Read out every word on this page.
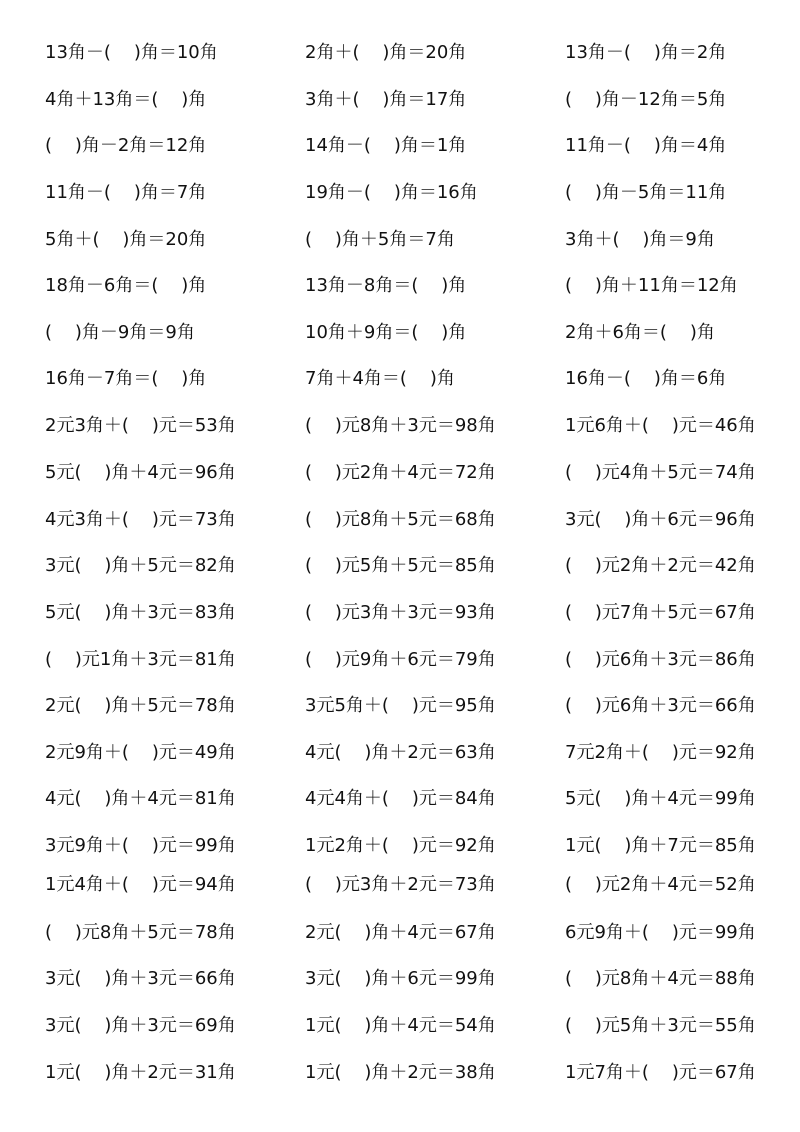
13角－(    )角＝10角	2角＋(    )角＝20角	13角－(    )角＝2角
4角＋13角＝(    )角	3角＋(    )角＝17角	(    )角－12角＝5角
(    )角－2角＝12角	14角－(    )角＝1角	11角－(    )角＝4角
11角－(    )角＝7角	19角－(    )角＝16角	(    )角－5角＝11角
5角＋(    )角＝20角	(    )角＋5角＝7角	3角＋(    )角＝9角
18角－6角＝(    )角	13角－8角＝(    )角	(    )角＋11角＝12角
(    )角－9角＝9角	10角＋9角＝(    )角	2角＋6角＝(    )角
16角－7角＝(    )角	7角＋4角＝(    )角	16角－(    )角＝6角
2元3角＋(    )元＝53角	(    )元8角＋3元＝98角	1元6角＋(    )元＝46角
5元(    )角＋4元＝96角	(    )元2角＋4元＝72角	(    )元4角＋5元＝74角
4元3角＋(    )元＝73角	(    )元8角＋5元＝68角	3元(    )角＋6元＝96角
3元(    )角＋5元＝82角	(    )元5角＋5元＝85角	(    )元2角＋2元＝42角
5元(    )角＋3元＝83角	(    )元3角＋3元＝93角	(    )元7角＋5元＝67角
(    )元1角＋3元＝81角	(    )元9角＋6元＝79角	(    )元6角＋3元＝86角
2元(    )角＋5元＝78角	3元5角＋(    )元＝95角	(    )元6角＋3元＝66角
2元9角＋(    )元＝49角	4元(    )角＋2元＝63角	7元2角＋(    )元＝92角
4元(    )角＋4元＝81角	4元4角＋(    )元＝84角	5元(    )角＋4元＝99角
3元9角＋(    )元＝99角	1元2角＋(    )元＝92角	1元(    )角＋7元＝85角
1元4角＋(    )元＝94角	(    )元3角＋2元＝73角	(    )元2角＋4元＝52角
(    )元8角＋5元＝78角	2元(    )角＋4元＝67角	6元9角＋(    )元＝99角
3元(    )角＋3元＝66角	3元(    )角＋6元＝99角	(    )元8角＋4元＝88角
3元(    )角＋3元＝69角	1元(    )角＋4元＝54角	(    )元5角＋3元＝55角
1元(    )角＋2元＝31角	1元(    )角＋2元＝38角	1元7角＋(    )元＝67角
